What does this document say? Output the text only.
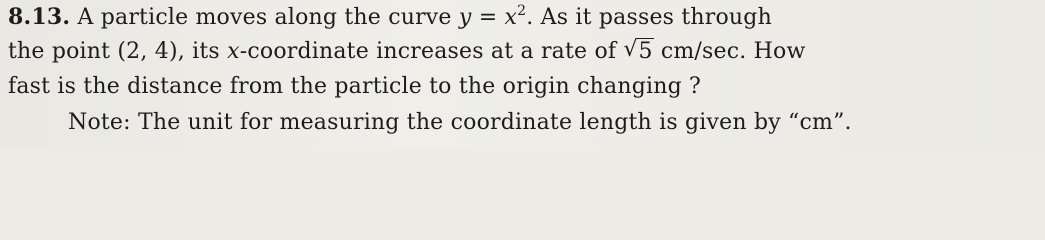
8.13. A particle moves along the curve $y = x^2$. As it passes through
the point (2, 4), its x-coordinate increases at a rate of √ 5 cm/sec. How
fast is the distance from the particle to the origin changing ?
Note: The unit for measuring the coordinate length is given by “cm”.
